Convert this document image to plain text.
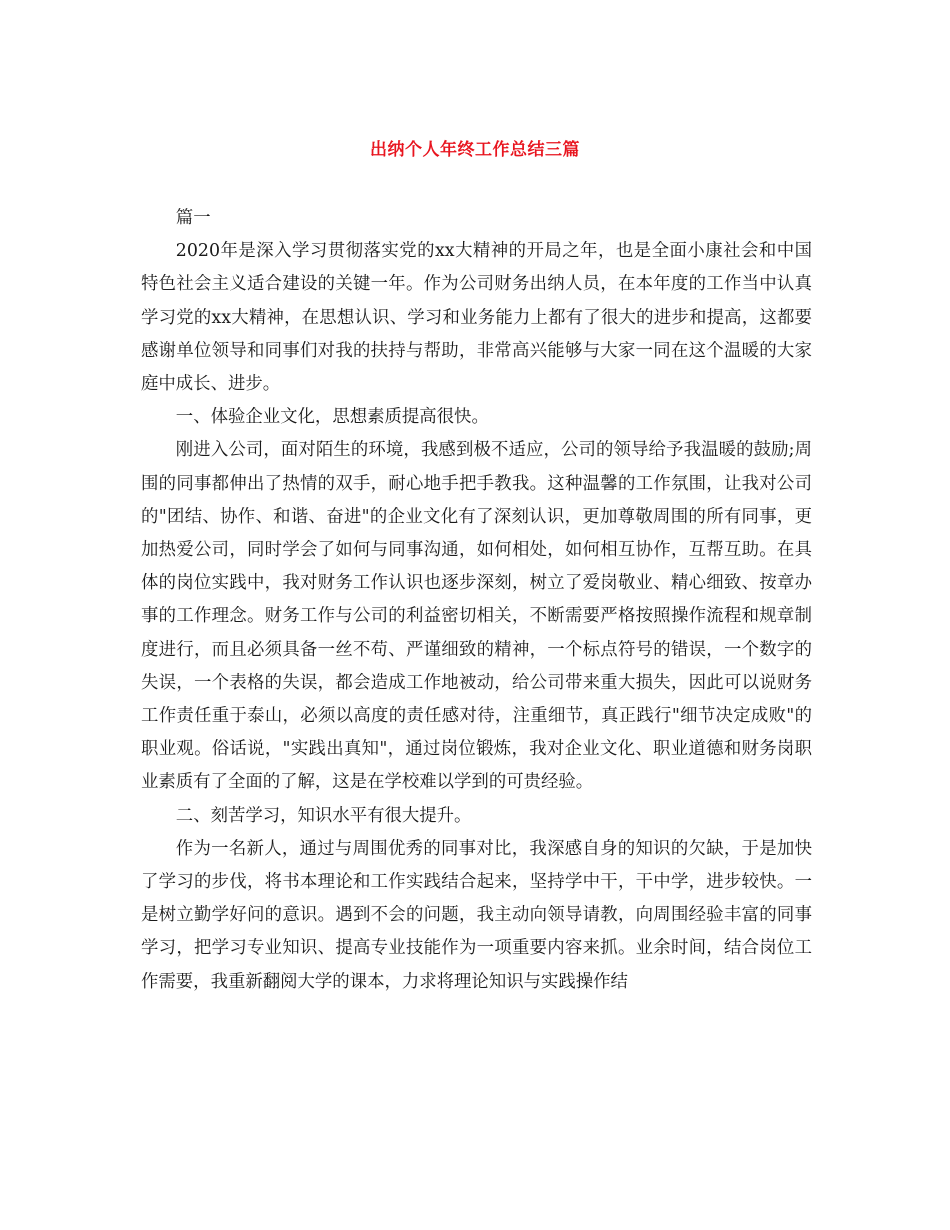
出纳个人年终工作总结三篇

篇一

2020年是深入学习贯彻落实党的xx大精神的开局之年，也是全面小康社会和中国特色社会主义适合建设的关键一年。作为公司财务出纳人员，在本年度的工作当中认真学习党的xx大精神，在思想认识、学习和业务能力上都有了很大的进步和提高，这都要感谢单位领导和同事们对我的扶持与帮助，非常高兴能够与大家一同在这个温暖的大家庭中成长、进步。

一、体验企业文化，思想素质提高很快。

刚进入公司，面对陌生的环境，我感到极不适应，公司的领导给予我温暖的鼓励;周围的同事都伸出了热情的双手，耐心地手把手教我。这种温馨的工作氛围，让我对公司的"团结、协作、和谐、奋进"的企业文化有了深刻认识，更加尊敬周围的所有同事，更加热爱公司，同时学会了如何与同事沟通，如何相处，如何相互协作，互帮互助。在具体的岗位实践中，我对财务工作认识也逐步深刻，树立了爱岗敬业、精心细致、按章办事的工作理念。财务工作与公司的利益密切相关，不断需要严格按照操作流程和规章制度进行，而且必须具备一丝不苟、严谨细致的精神，一个标点符号的错误，一个数字的失误，一个表格的失误，都会造成工作地被动，给公司带来重大损失，因此可以说财务工作责任重于泰山，必须以高度的责任感对待，注重细节，真正践行"细节决定成败"的职业观。俗话说，"实践出真知"，通过岗位锻炼，我对企业文化、职业道德和财务岗职业素质有了全面的了解，这是在学校难以学到的可贵经验。

二、刻苦学习，知识水平有很大提升。

作为一名新人，通过与周围优秀的同事对比，我深感自身的知识的欠缺，于是加快了学习的步伐，将书本理论和工作实践结合起来，坚持学中干，干中学，进步较快。一是树立勤学好问的意识。遇到不会的问题，我主动向领导请教，向周围经验丰富的同事学习，把学习专业知识、提高专业技能作为一项重要内容来抓。业余时间，结合岗位工作需要，我重新翻阅大学的课本，力求将理论知识与实践操作结
